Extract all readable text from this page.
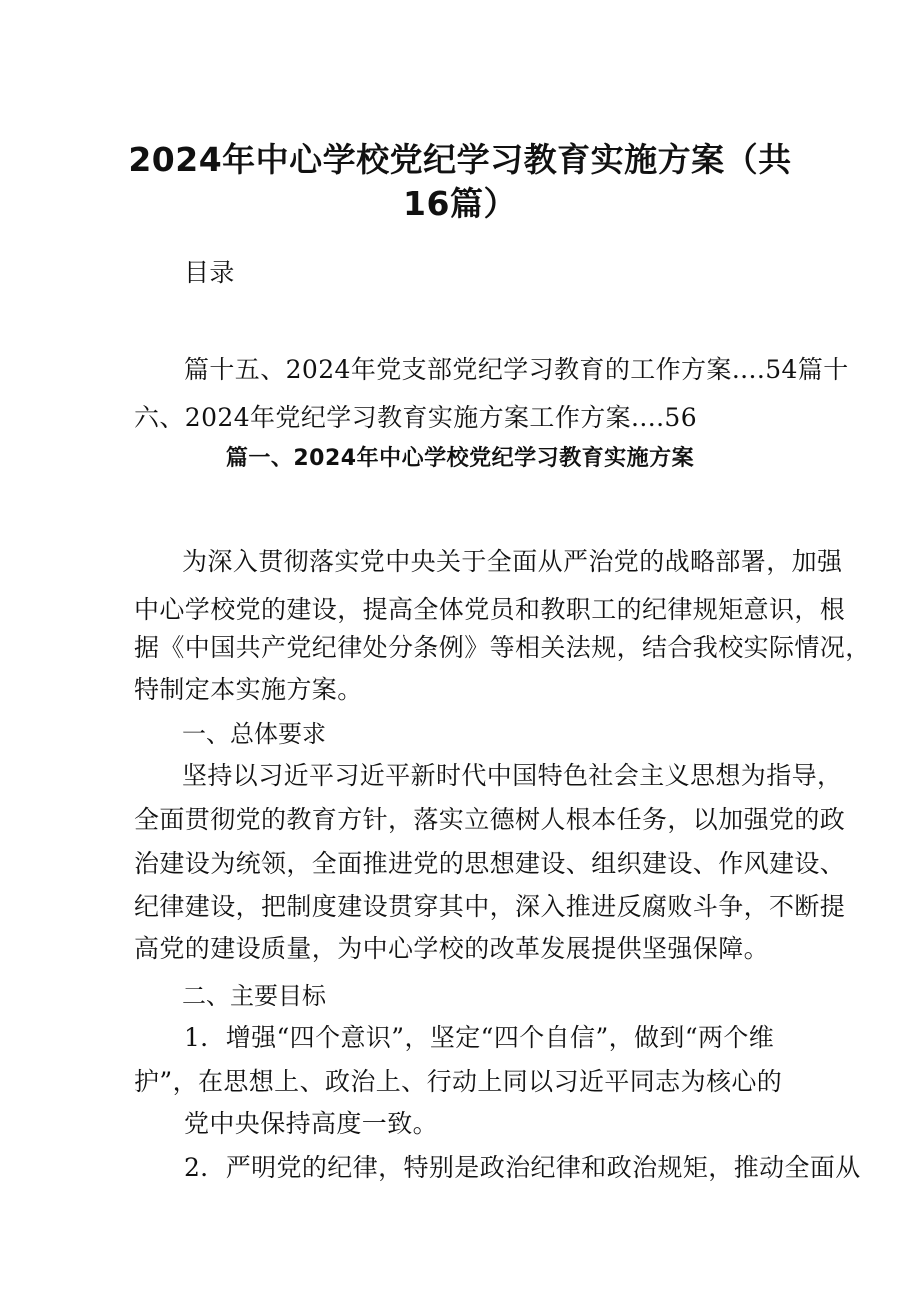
2024年中心学校党纪学习教育实施方案（共
16篇）
目录
篇十五、2024年党支部党纪学习教育的工作方案....54篇十
六、2024年党纪学习教育实施方案工作方案....56
篇一、2024年中心学校党纪学习教育实施方案
为深入贯彻落实党中央关于全面从严治党的战略部署，加强
中心学校党的建设，提高全体党员和教职工的纪律规矩意识，根
据《中国共产党纪律处分条例》等相关法规，结合我校实际情况，
特制定本实施方案。
一、总体要求
坚持以习近平习近平新时代中国特色社会主义思想为指导，
全面贯彻党的教育方针，落实立德树人根本任务，以加强党的政
治建设为统领，全面推进党的思想建设、组织建设、作风建设、
纪律建设，把制度建设贯穿其中，深入推进反腐败斗争，不断提
高党的建设质量，为中心学校的改革发展提供坚强保障。
二、主要目标
1．增强“四个意识”，坚定“四个自信”，做到“两个维
护”，在思想上、政治上、行动上同以习近平同志为核心的
党中央保持高度一致。
2．严明党的纪律，特别是政治纪律和政治规矩，推动全面从
